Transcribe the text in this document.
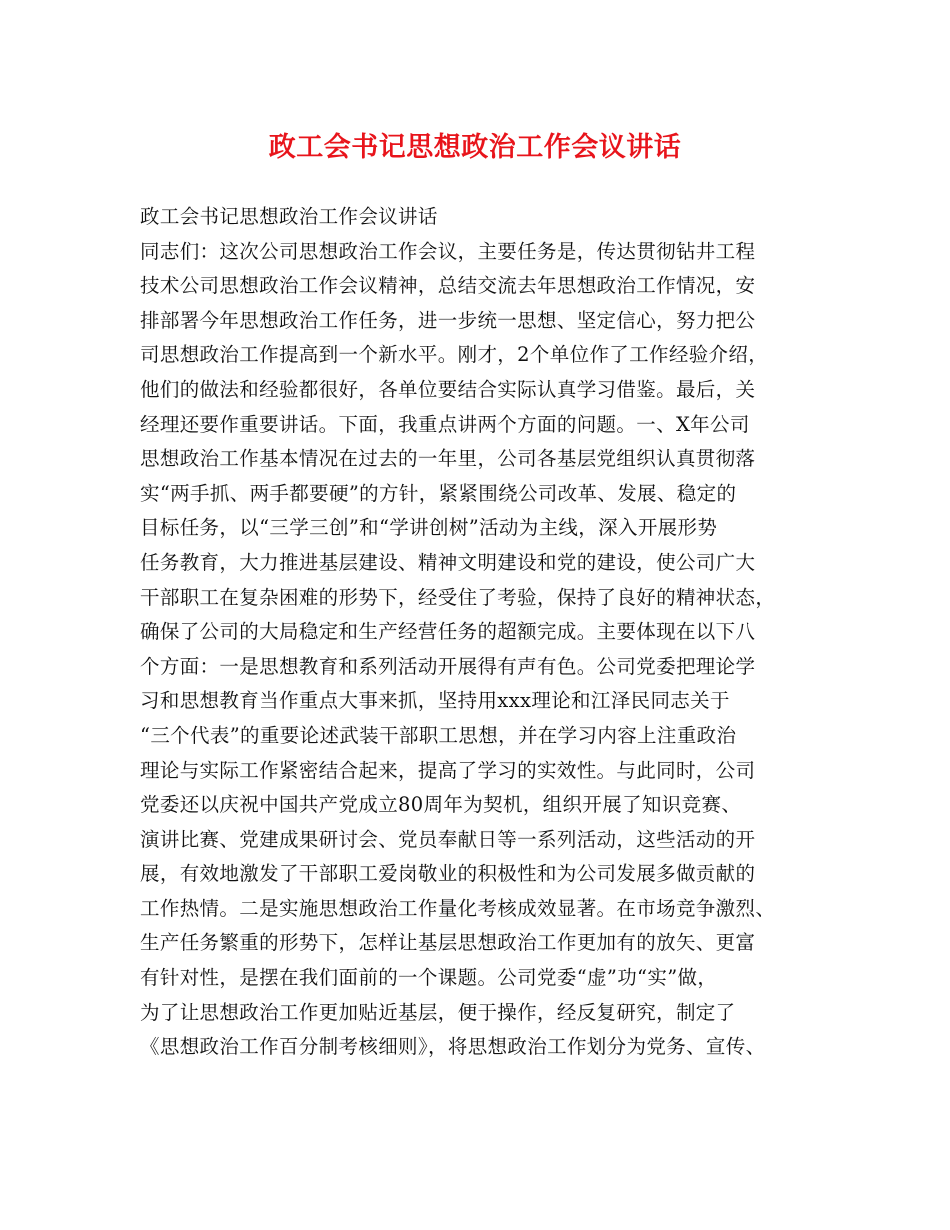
政工会书记思想政治工作会议讲话
政工会书记思想政治工作会议讲话
同志们：这次公司思想政治工作会议，主要任务是，传达贯彻钻井工程
技术公司思想政治工作会议精神，总结交流去年思想政治工作情况，安
排部署今年思想政治工作任务，进一步统一思想、坚定信心，努力把公
司思想政治工作提高到一个新水平。刚才，2个单位作了工作经验介绍，
他们的做法和经验都很好，各单位要结合实际认真学习借鉴。最后，关
经理还要作重要讲话。下面，我重点讲两个方面的问题。一、X年公司
思想政治工作基本情况在过去的一年里，公司各基层党组织认真贯彻落
实“两手抓、两手都要硬”的方针，紧紧围绕公司改革、发展、稳定的
目标任务，以“三学三创”和“学讲创树”活动为主线，深入开展形势
任务教育，大力推进基层建设、精神文明建设和党的建设，使公司广大
干部职工在复杂困难的形势下，经受住了考验，保持了良好的精神状态，
确保了公司的大局稳定和生产经营任务的超额完成。主要体现在以下八
个方面：一是思想教育和系列活动开展得有声有色。公司党委把理论学
习和思想教育当作重点大事来抓，坚持用xxx理论和江泽民同志关于
“三个代表”的重要论述武装干部职工思想，并在学习内容上注重政治
理论与实际工作紧密结合起来，提高了学习的实效性。与此同时，公司
党委还以庆祝中国共产党成立80周年为契机，组织开展了知识竞赛、
演讲比赛、党建成果研讨会、党员奉献日等一系列活动，这些活动的开
展，有效地激发了干部职工爱岗敬业的积极性和为公司发展多做贡献的
工作热情。二是实施思想政治工作量化考核成效显著。在市场竞争激烈、
生产任务繁重的形势下，怎样让基层思想政治工作更加有的放矢、更富
有针对性，是摆在我们面前的一个课题。公司党委“虚”功“实”做，
为了让思想政治工作更加贴近基层，便于操作，经反复研究，制定了
《思想政治工作百分制考核细则》，将思想政治工作划分为党务、宣传、
